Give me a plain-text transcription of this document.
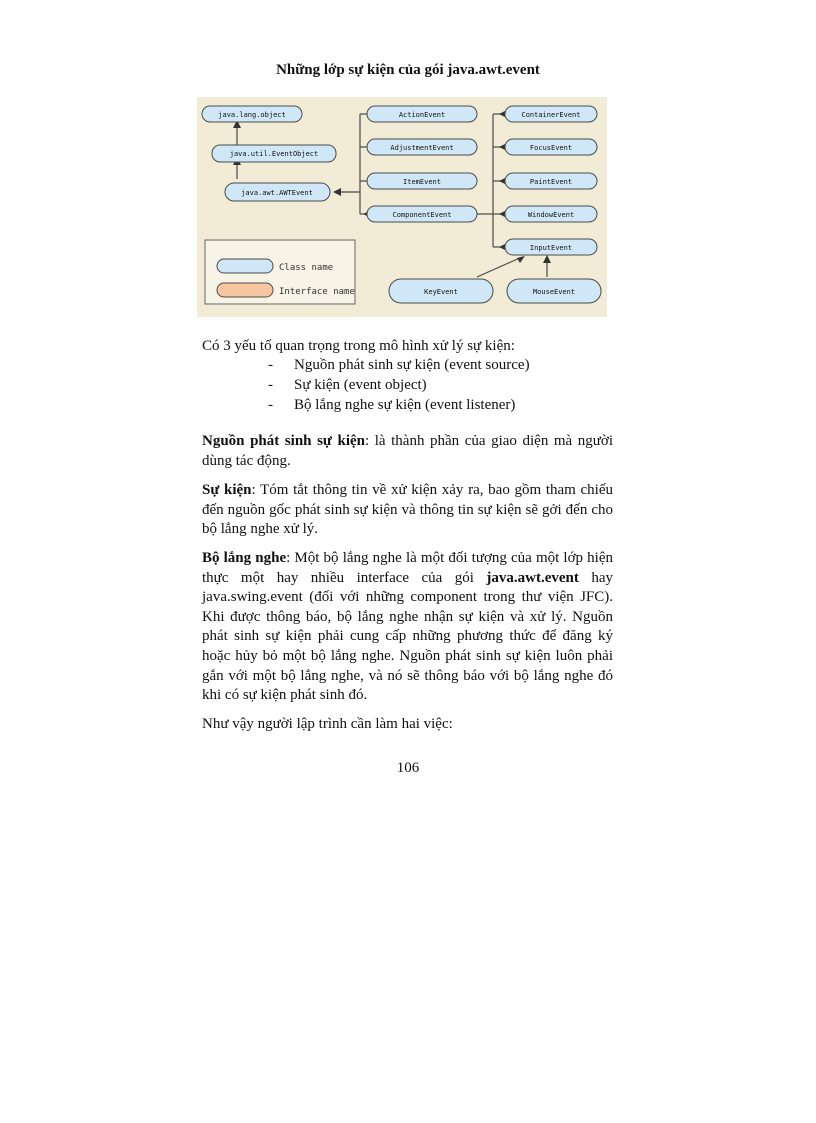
Những lớp sự kiện của gói java.awt.event
java.lang.object
java.util.EventObject
java.awt.AWTEvent
ActionEvent
AdjustmentEvent
ItemEvent
ComponentEvent
ContainerEvent
FocusEvent
PaintEvent
WindowEvent
InputEvent
KeyEvent	MouseEvent
Class name
Interface name
Có 3 yếu tố quan trọng trong mô hình xử lý sự kiện:
-	Nguồn phát sinh sự kiện (event source)
-	Sự kiện (event object)
-	Bộ lắng nghe sự kiện (event listener)

Nguồn phát sinh sự kiện: là thành phần của giao diện mà người dùng tác động.

Sự kiện: Tóm tắt thông tin về xử kiện xảy ra, bao gồm tham chiếu đến nguồn gốc phát sinh sự kiện và thông tin sự kiện sẽ gởi đến cho bộ lắng nghe xử lý.

Bộ lắng nghe: Một bộ lắng nghe là một đối tượng của một lớp hiện thực một hay nhiều interface của gói java.awt.event hay java.swing.event (đối với những component trong thư viện JFC). Khi được thông báo, bộ lắng nghe nhận sự kiện và xử lý. Nguồn phát sinh sự kiện phải cung cấp những phương thức để đăng ký hoặc hủy bỏ một bộ lắng nghe. Nguồn phát sinh sự kiện luôn phải gắn với một bộ lắng nghe, và nó sẽ thông báo với bộ lắng nghe đó khi có sự kiện phát sinh đó.

Như vậy người lập trình cần làm hai việc:

106
